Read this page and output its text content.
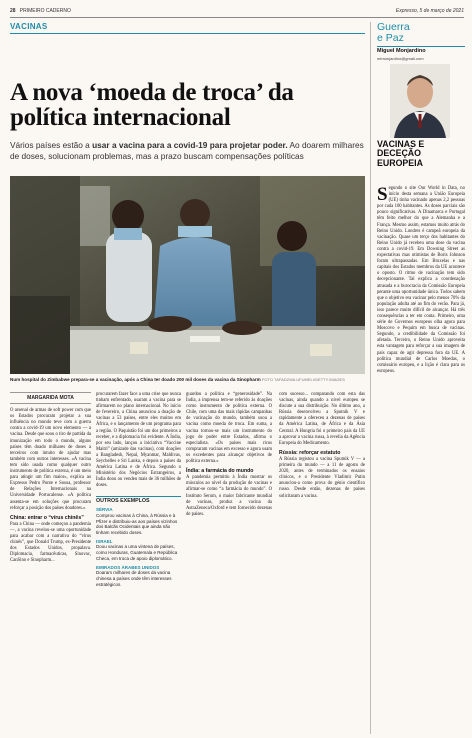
28 PRIMEIRO CADERNO	Expresso, 5 de março de 2021
VACINAS
A nova ‘moeda de troca’ da política internacional
Vários países estão a usar a vacina para a covid-19 para projetar poder. Ao doarem milhares de doses, solucionam problemas, mas a prazo buscam compensações políticas
Num hospital do Zimbabwe prepara-se a vacinação, após a China ter doado 200 mil doses da vacina da Sinopharm FOTO TAFADZWA UFUMELI/GETTY IMAGES
MARGARIDA MOTA
O arsenal de armas de soft power com que os Estados procuram projetar a sua influência no mundo teve com a guerra contra a covid-19 um novo elemento — a vacina. Desde que soou o tiro de partida da imunização em todo o mundo, alguns países têm doado milhares de doses a terceiros com intuito de ajudar mas também com outros interesses. «A vacina tem sido usada como qualquer outro instrumento de política externa, é um meio para atingir um fim maior», explica ao Expresso Pedro Ponte e Sousa, professor de Relações Internacionais na Universidade Portucalense. «A política assenta-se em soluções que procuram reforçar a posição dos países doadores.»
China: entrar o “vírus chinês”
Para a China — onde começou a pandemia —, a vacina revelou-se uma oportunidade para acabar com a narrativa do “vírus chinês”, que Donald Trump, ex-Presidente dos Estados Unidos, propalava. Diplomacia, farmacêuticas, Sinovac, CanSino e Sinopharm...
procurarem fazer face a uma crise que nunca tinham enfrentado, usaram a vacina para se afirmarem no plano internacional. No início de fevereiro, a China anunciou a doação de vacinas a 53 países, entre eles muitos em África, e o lançamento de um programa para a região. O Paquistão foi um dos primeiros a receber, e a diplomacia foi evidente. A Índia, por seu lado, lançou a iniciativa “Vaccine Maitri” (amizade das vacinas), com doações a Bangladesh, Nepal, Myanmar, Maldivas, Seychelles e Sri Lanka, e depois a países da América Latina e de África. Segundo o Ministério dos Negócios Estrangeiros, a Índia doou ou vendeu mais de 36 milhões de doses.
OUTROS EXEMPLOS
SÉRVIA
Comprou vacinas à China, à Rússia e à Pfizer e distribuiu-as aos países vizinhos dos Balcãs Ocidentais que ainda não tinham recebido doses.
ISRAEL
Doou vacinas a uma vintena de países, como Honduras, Guatemala e República Checa, em troca de apoio diplomático.
EMIRADOS ÁRABES UNIDOS
Doaram milhares de doses da vacina chinesa a países onde têm interesses estratégicos.
guardou a política e “generosidade”. Na Índia, a imprensa tem-se referido às doações como instrumento de política externa. O Chile, com uma das mais rápidas campanhas de vacinação do mundo, também usou a vacina como moeda de troca. Em suma, a vacina tornou-se mais um instrumento do jogo de poder entre Estados, afirma o especialista. «Os países mais ricos compraram vacinas em excesso e agora usam os excedentes para alcançar objetivos de política externa.»
Índia: a farmácia do mundo
A pandemia permitiu à Índia mostrar os músculos ao nível da produção de vacinas e afirmar-se como “a farmácia do mundo”. O Instituto Serum, o maior fabricante mundial de vacinas, produz a vacina da AstraZeneca/Oxford e tem fornecido dezenas de países.
com sucesso... comparando com esta das vacinas, ainda quando a nível europeu se discute a sua distribuição. No último ano, a Rússia desenvolveu a Sputnik V e rapidamente a ofereceu a dezenas de países da América Latina, de África e da Ásia Central. A Hungria foi o primeiro país da UE a aprovar a vacina russa, à revelia da Agência Europeia do Medicamento.
Rússia: reforçar estatuto
A Rússia registou a vacina Sputnik V — a primeira do mundo — a 11 de agosto de 2020, antes de terminados os ensaios clínicos, e o Presidente Vladimir Putin anunciou-a como prova do génio científico russo. Desde então, dezenas de países solicitaram a vacina.
Guerra
e Paz
Miguel Monjardino
mtmonjardino@gmail.com
VACINAS E DECEÇÃO EUROPEIA
Segundo o site Our World in Data, no início desta semana a União Europeia (UE) tinha vacinado apenas 2,2 pessoas por cada 100 habitantes. As doses parciais são pouco significativas. A Dinamarca e Portugal têm feito melhor do que a Alemanha e a França. Mesmo assim, estamos muito atrás do Reino Unido. Londres é campeã europeia da vacinação. Quase um terço dos habitantes do Reino Unido já recebeu uma dose da vacina contra a covid-19. Em Downing Street as expectativas mas otimistas de Boris Johnson foram ultrapassadas. Em Bruxelas e nas capitais dos Estados membros da UE acontece o oposto. O ritmo de vacinação tem sido decepcionante. Tal explica a coordenação atrasada e a burocracia da Comissão Europeia perante uma oportunidade única. Todos sabem que o objetivo era vacinar pelo menos 70% da população adulta até ao fim do verão. Para já, isso parece muito difícil de alcançar. Há três consequências a ter em conta. Primeiro, uma série de Governos europeus olha agora para Moscovo e Pequim em busca de vacinas. Segundo, a credibilidade da Comissão foi afetada. Terceiro, o Reino Unido aproveita esta vantagem para reforçar a sua imagem de país capaz de agir depressa fora da UE. A política mundial de Carlos Moedas, o comissário europeu, e a lição é clara para os europeus.
